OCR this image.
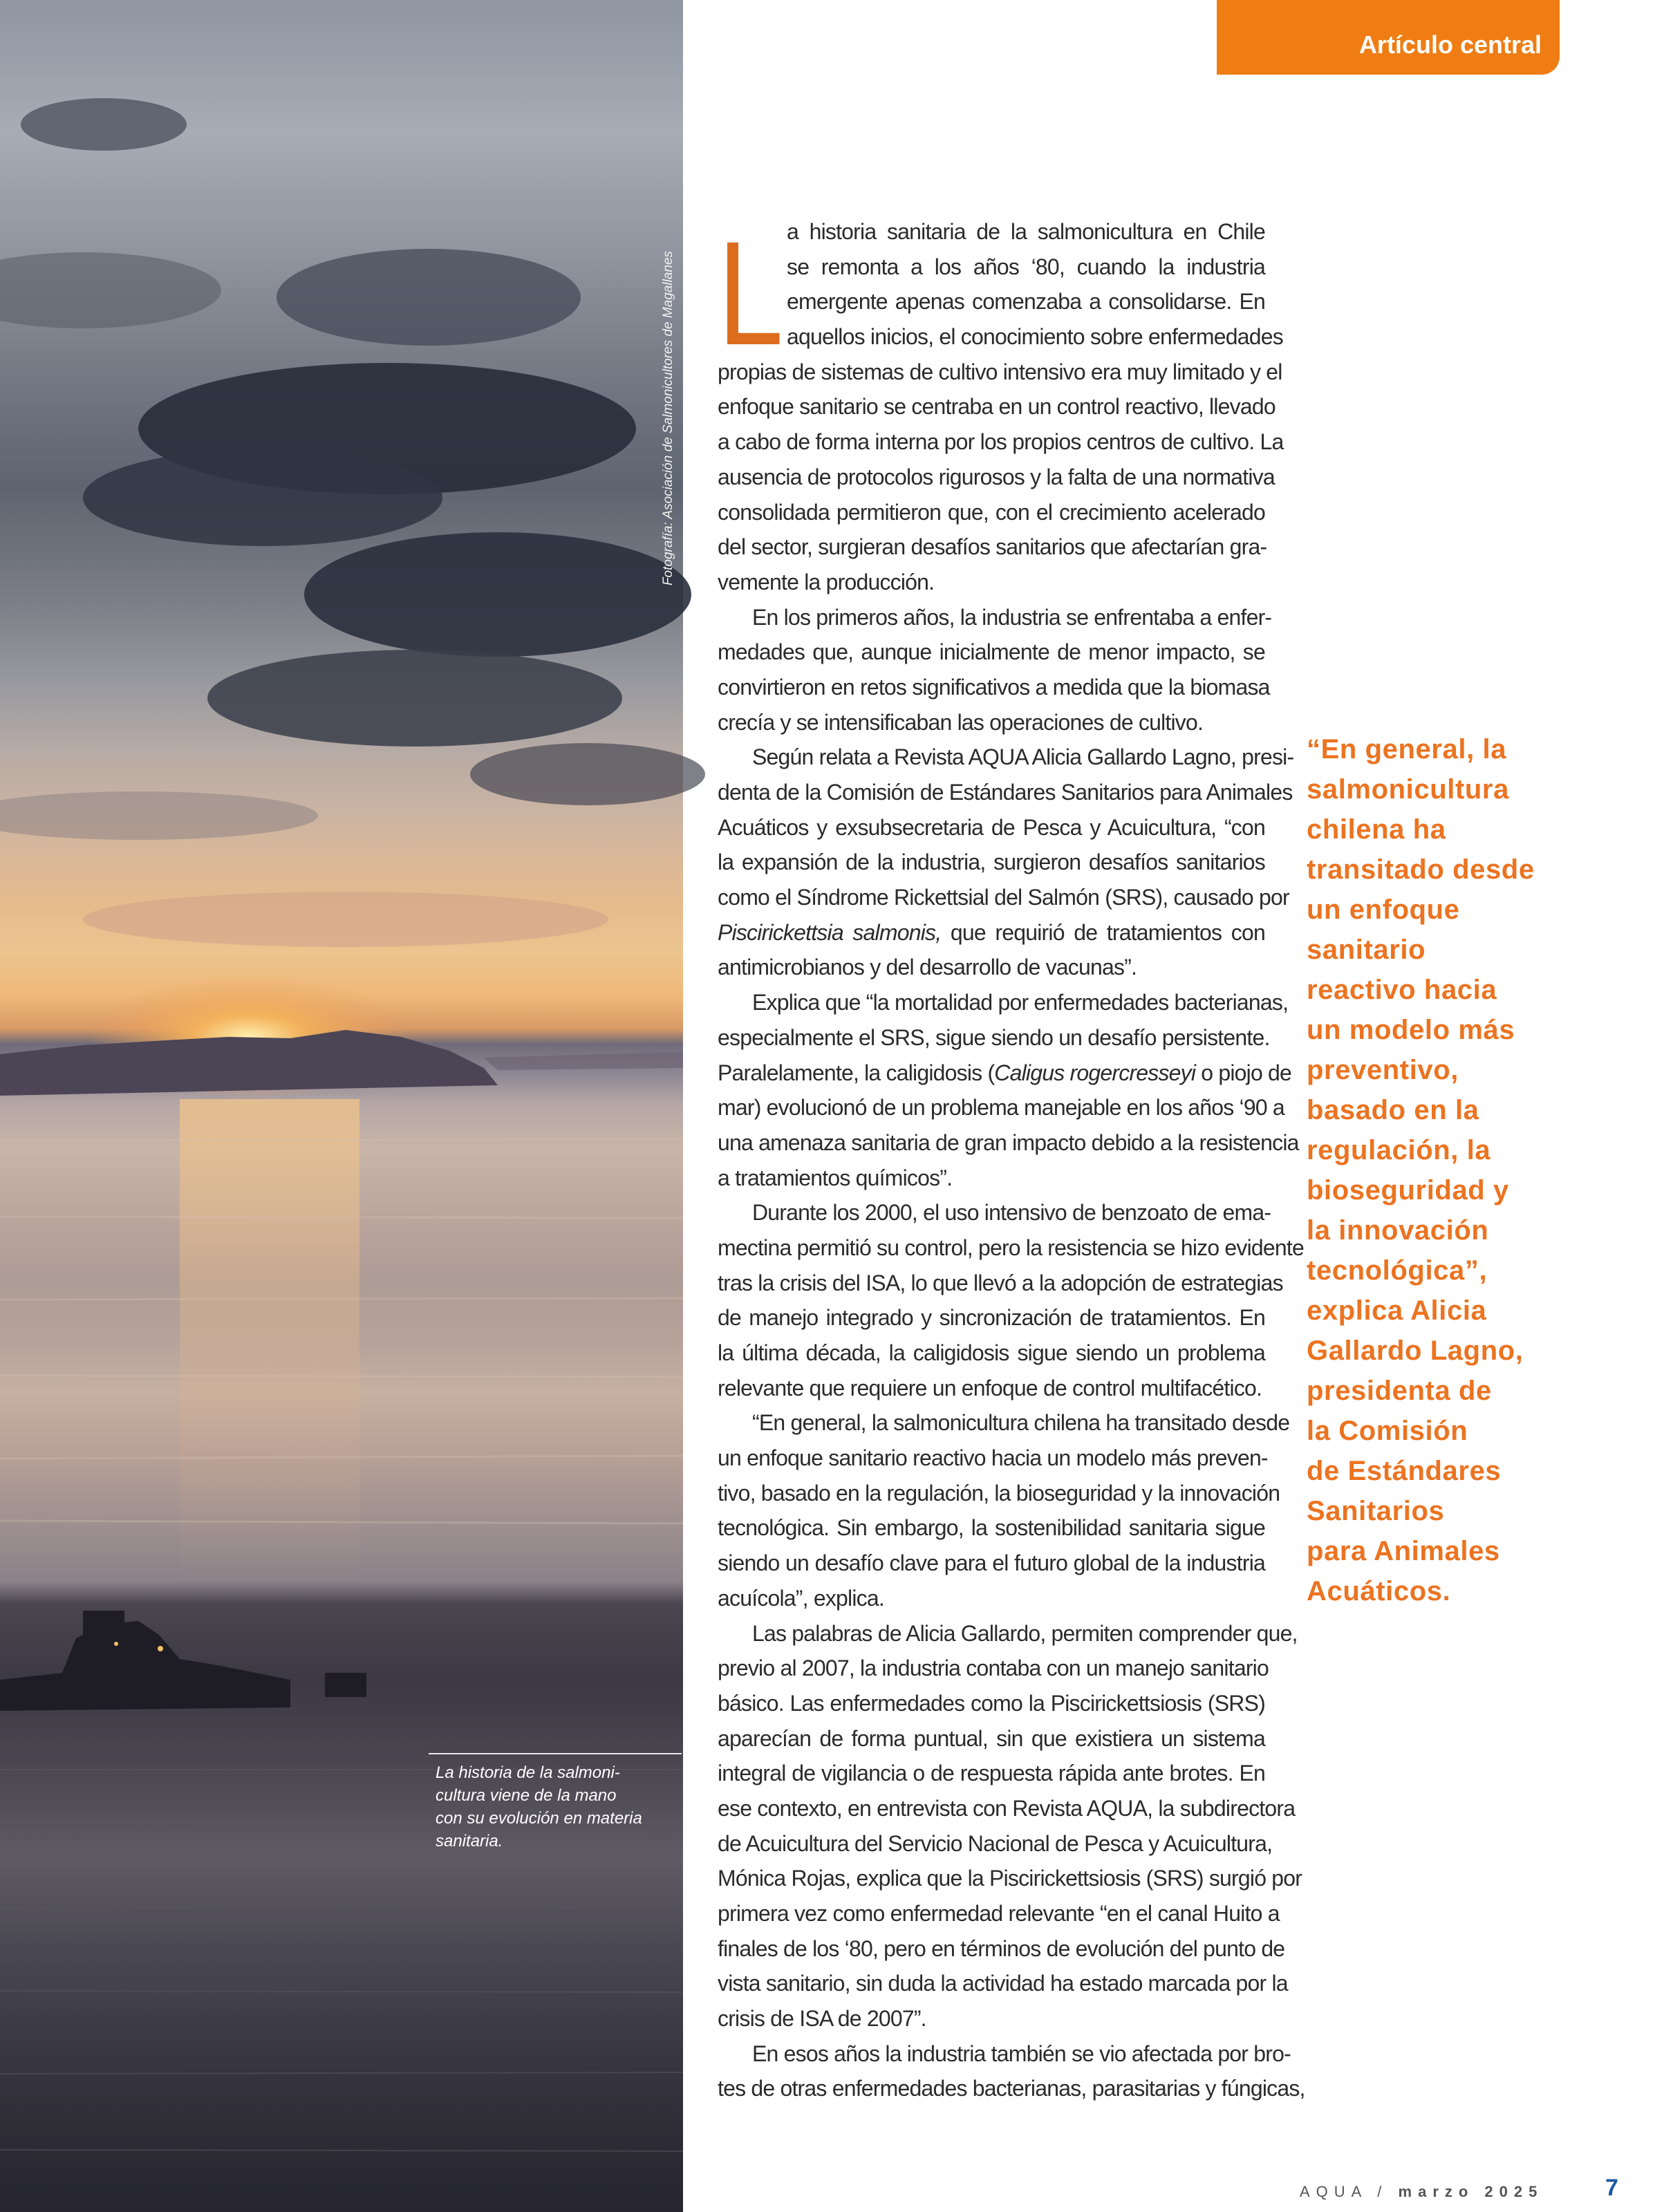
Fotografía: Asociación de Salmonicultores de Magallanes
La historia de la salmoni-
cultura viene de la mano
con su evolución en materia
sanitaria.
Artículo central
L a historia sanitaria de la salmonicultura en Chile
se remonta a los años ‘80, cuando la industria
emergente apenas comenzaba a consolidarse. En
aquellos inicios, el conocimiento sobre enfermedades
propias de sistemas de cultivo intensivo era muy limitado y el
enfoque sanitario se centraba en un control reactivo, llevado
a cabo de forma interna por los propios centros de cultivo. La
ausencia de protocolos rigurosos y la falta de una normativa
consolidada permitieron que, con el crecimiento acelerado
del sector, surgieran desafíos sanitarios que afectarían gra-
vemente la producción.
En los primeros años, la industria se enfrentaba a enfer-
medades que, aunque inicialmente de menor impacto, se
convirtieron en retos significativos a medida que la biomasa
crecía y se intensificaban las operaciones de cultivo.
Según relata a Revista AQUA Alicia Gallardo Lagno, presi-
denta de la Comisión de Estándares Sanitarios para Animales
Acuáticos y exsubsecretaria de Pesca y Acuicultura, “con
la expansión de la industria, surgieron desafíos sanitarios
como el Síndrome Rickettsial del Salmón (SRS), causado por
Piscirickettsia salmonis, que requirió de tratamientos con
antimicrobianos y del desarrollo de vacunas”.
Explica que “la mortalidad por enfermedades bacterianas,
especialmente el SRS, sigue siendo un desafío persistente.
Paralelamente, la caligidosis (Caligus rogercresseyi o piojo de
mar) evolucionó de un problema manejable en los años ‘90 a
una amenaza sanitaria de gran impacto debido a la resistencia
a tratamientos químicos”.
Durante los 2000, el uso intensivo de benzoato de ema-
mectina permitió su control, pero la resistencia se hizo evidente
tras la crisis del ISA, lo que llevó a la adopción de estrategias
de manejo integrado y sincronización de tratamientos. En
la última década, la caligidosis sigue siendo un problema
relevante que requiere un enfoque de control multifacético.
“En general, la salmonicultura chilena ha transitado desde
un enfoque sanitario reactivo hacia un modelo más preven-
tivo, basado en la regulación, la bioseguridad y la innovación
tecnológica. Sin embargo, la sostenibilidad sanitaria sigue
siendo un desafío clave para el futuro global de la industria
acuícola”, explica.
Las palabras de Alicia Gallardo, permiten comprender que,
previo al 2007, la industria contaba con un manejo sanitario
básico. Las enfermedades como la Piscirickettsiosis (SRS)
aparecían de forma puntual, sin que existiera un sistema
integral de vigilancia o de respuesta rápida ante brotes. En
ese contexto, en entrevista con Revista AQUA, la subdirectora
de Acuicultura del Servicio Nacional de Pesca y Acuicultura,
Mónica Rojas, explica que la Piscirickettsiosis (SRS) surgió por
primera vez como enfermedad relevante “en el canal Huito a
finales de los ‘80, pero en términos de evolución del punto de
vista sanitario, sin duda la actividad ha estado marcada por la
crisis de ISA de 2007”.
En esos años la industria también se vio afectada por bro-
tes de otras enfermedades bacterianas, parasitarias y fúngicas,
“En general, la
salmonicultura
chilena ha
transitado desde
un enfoque
sanitario
reactivo hacia
un modelo más
preventivo,
basado en la
regulación, la
bioseguridad y
la innovación
tecnológica”,
explica Alicia
Gallardo Lagno,
presidenta de
la Comisión
de Estándares
Sanitarios
para Animales
Acuáticos.
AQUA / marzo 2025	7
